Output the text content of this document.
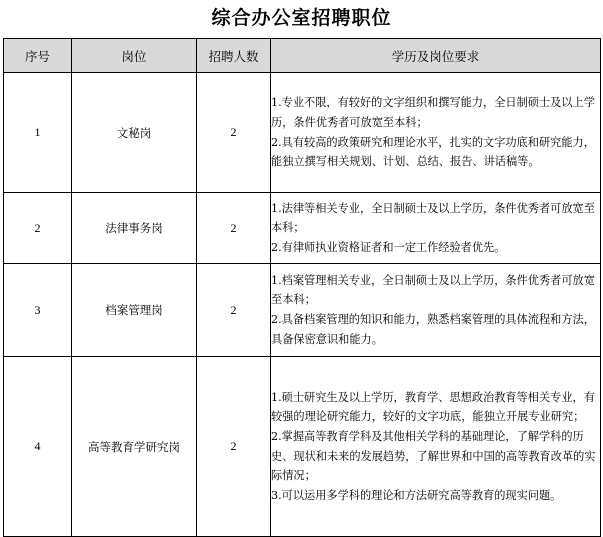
综合办公室招聘职位
序号	岗位	招聘人数	学历及岗位要求
1	文秘岗	2	1.专业不限，有较好的文字组织和撰写能力，全日制硕士及以上学历，条件优秀者可放宽至本科；
2.具有较高的政策研究和理论水平，扎实的文字功底和研究能力，能独立撰写相关规划、计划、总结、报告、讲话稿等。

2	法律事务岗	2	1.法律等相关专业，全日制硕士及以上学历，条件优秀者可放宽至本科；
2.有律师执业资格证者和一定工作经验者优先。

3	档案管理岗	2	1.档案管理相关专业，全日制硕士及以上学历，条件优秀者可放宽至本科；
2.具备档案管理的知识和能力，熟悉档案管理的具体流程和方法，具备保密意识和能力。

4	高等教育学研究岗	2	1.硕士研究生及以上学历，教育学、思想政治教育等相关专业，有较强的理论研究能力，较好的文字功底，能独立开展专业研究；
2.掌握高等教育学科及其他相关学科的基础理论，了解学科的历史、现状和未来的发展趋势，了解世界和中国的高等教育改革的实际情况；
3.可以运用多学科的理论和方法研究高等教育的现实问题。
